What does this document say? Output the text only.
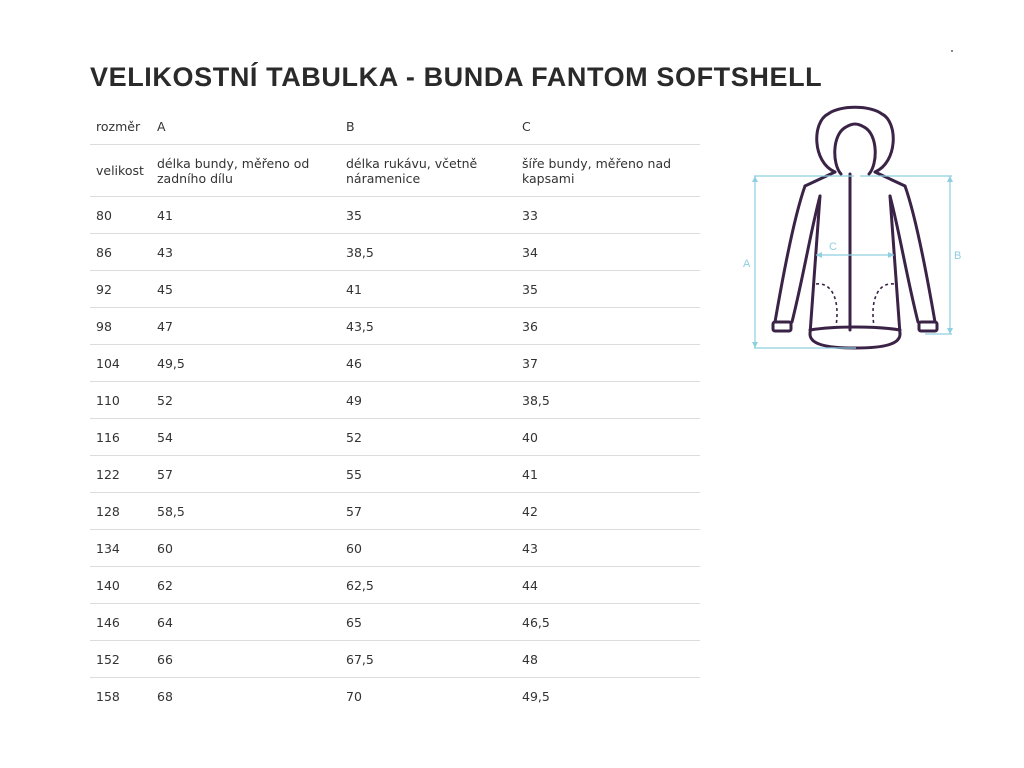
VELIKOSTNÍ TABULKA - BUNDA FANTOM SOFTSHELL
rozměr	A	B	C
velikost	délka bundy, měřeno od zadního dílu	délka rukávu, včetně náramenice	šíře bundy, měřeno nad kapsami
80	41	35	33
86	43	38,5	34
92	45	41	35
98	47	43,5	36
104	49,5	46	37
110	52	49	38,5
116	54	52	40
122	57	55	41
128	58,5	57	42
134	60	60	43
140	62	62,5	44
146	64	65	46,5
152	66	67,5	48
158	68	70	49,5
A
B
C
